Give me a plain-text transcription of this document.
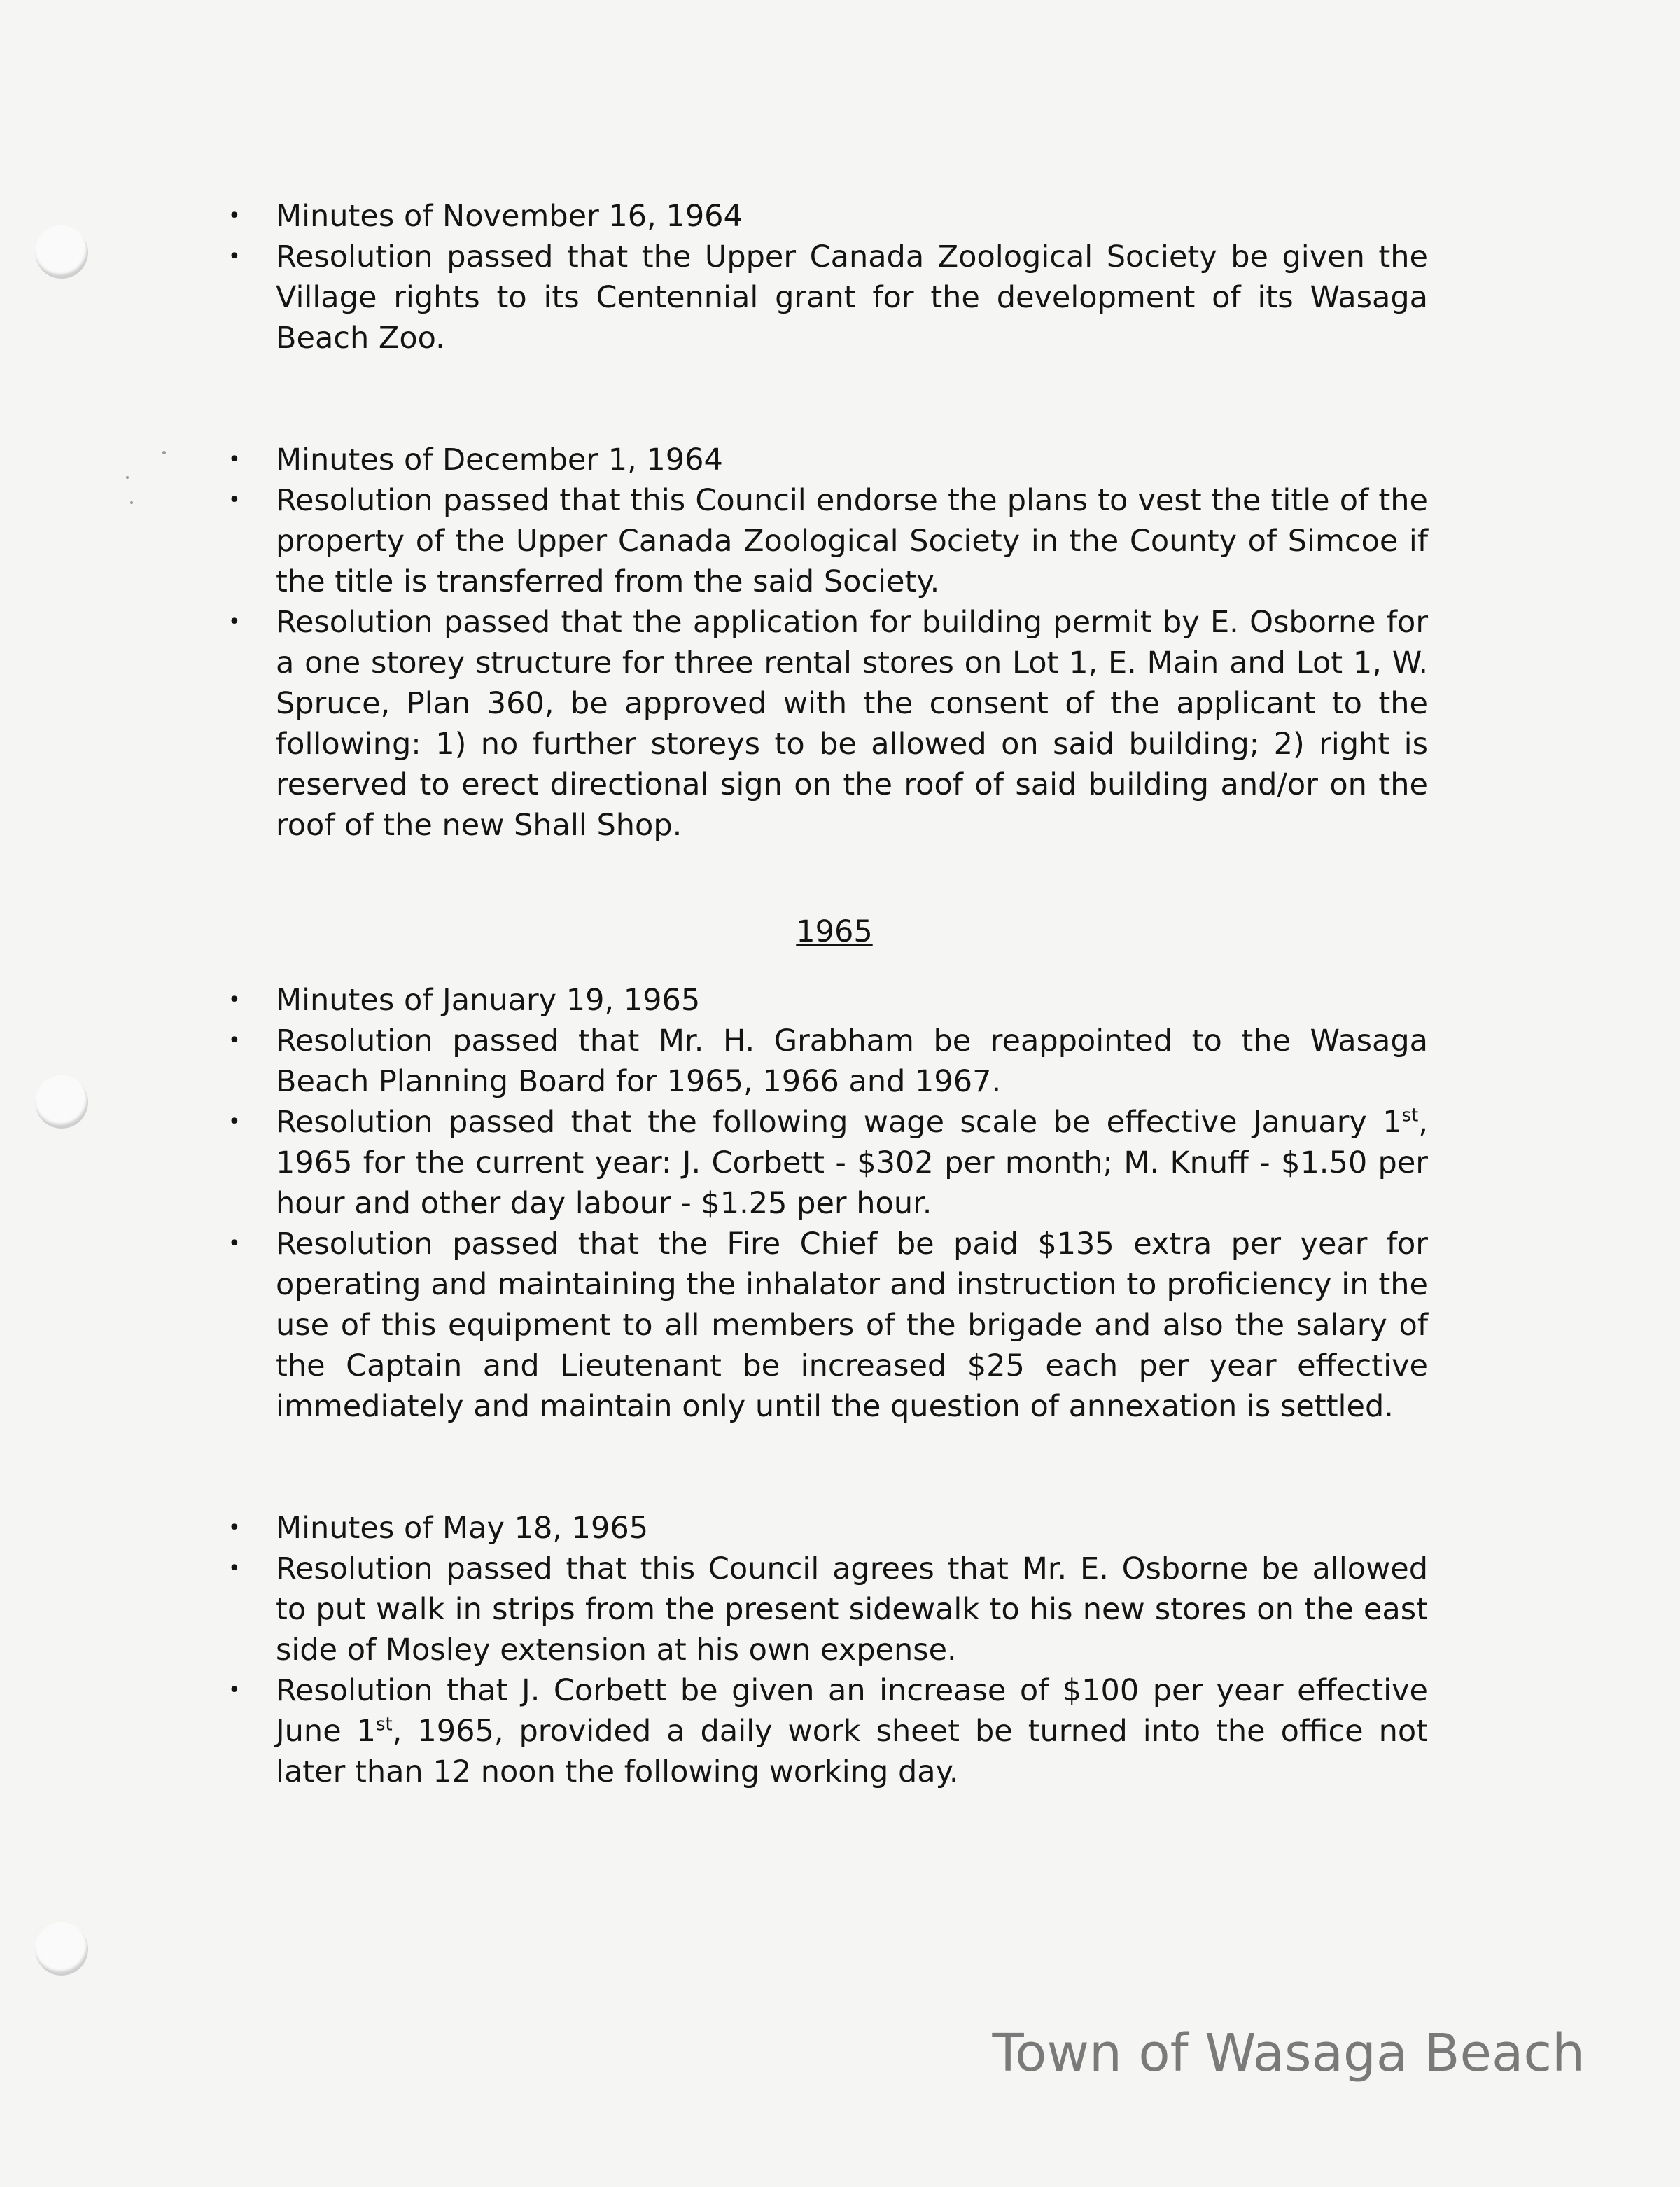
• Minutes of November 16, 1964
• Resolution passed that the Upper Canada Zoological Society be given the Village rights to its Centennial grant for the development of its Wasaga Beach Zoo.
• Minutes of December 1, 1964
• Resolution passed that this Council endorse the plans to vest the title of the property of the Upper Canada Zoological Society in the County of Simcoe if the title is transferred from the said Society.
• Resolution passed that the application for building permit by E. Osborne for a one storey structure for three rental stores on Lot 1, E. Main and Lot 1, W. Spruce, Plan 360, be approved with the consent of the applicant to the following: 1) no further storeys to be allowed on said building; 2) right is reserved to erect directional sign on the roof of said building and/or on the roof of the new Shall Shop.

1965

• Minutes of January 19, 1965
• Resolution passed that Mr. H. Grabham be reappointed to the Wasaga Beach Planning Board for 1965, 1966 and 1967.
• Resolution passed that the following wage scale be effective January 1st, 1965 for the current year: J. Corbett - $302 per month; M. Knuff - $1.50 per hour and other day labour - $1.25 per hour.
• Resolution passed that the Fire Chief be paid $135 extra per year for operating and maintaining the inhalator and instruction to proficiency in the use of this equipment to all members of the brigade and also the salary of the Captain and Lieutenant be increased $25 each per year effective immediately and maintain only until the question of annexation is settled.
• Minutes of May 18, 1965
• Resolution passed that this Council agrees that Mr. E. Osborne be allowed to put walk in strips from the present sidewalk to his new stores on the east side of Mosley extension at his own expense.
• Resolution that J. Corbett be given an increase of $100 per year effective June 1st, 1965, provided a daily work sheet be turned into the office not later than 12 noon the following working day.
Town of Wasaga Beach
